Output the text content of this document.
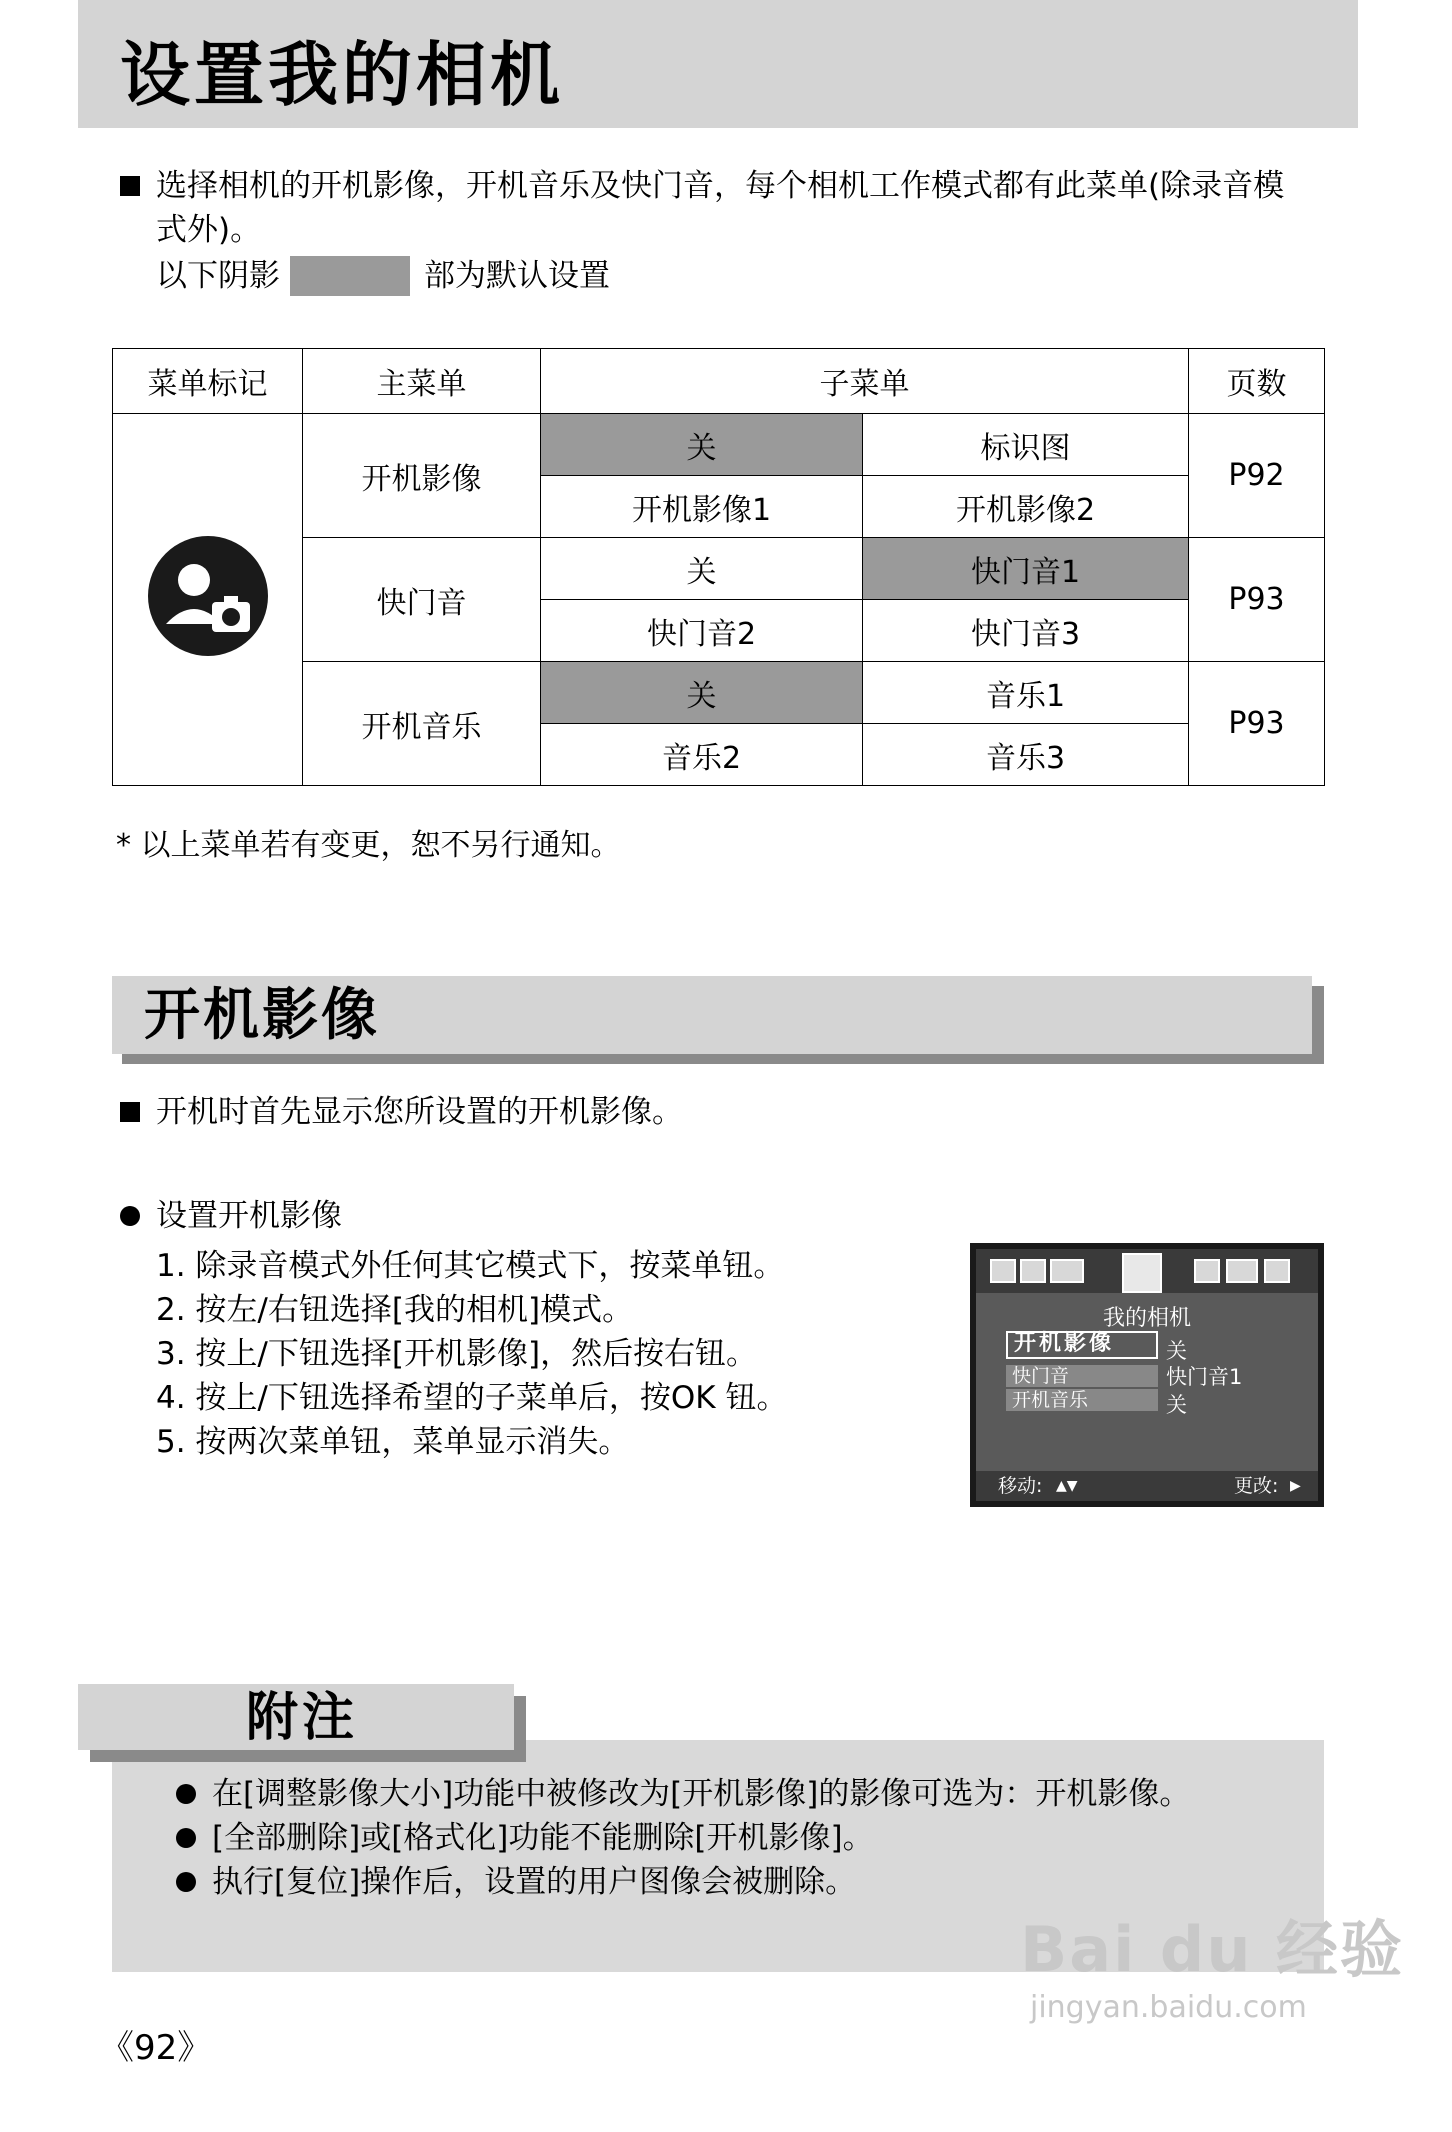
设置我的相机
选择相机的开机影像，开机音乐及快门音，每个相机工作模式都有此菜单(除录音模
式外)。
以下阴影	部为默认设置
菜单标记	主菜单	子菜单		页数
	开机影像	关	标识图	P92
		开机影像1	开机影像2	
	快门音	关	快门音1	P93
		快门音2	快门音3	
	开机音乐	关	音乐1	P93
		音乐2	音乐3	
* 以上菜单若有变更，恕不另行通知。
开机影像
开机时首先显示您所设置的开机影像。
设置开机影像
1. 除录音模式外任何其它模式下，按菜单钮。
2. 按左/右钮选择[我的相机]模式。
3. 按上/下钮选择[开机影像]，然后按右钮。
4. 按上/下钮选择希望的子菜单后，按OK 钮。
5. 按两次菜单钮，菜单显示消失。
我的相机
开机影像
快门音
开机音乐
关
快门音1
关
移动: ▲▼	更改: ▶
附注
在[调整影像大小]功能中被修改为[开机影像]的影像可选为：开机影像。
[全部删除]或[格式化]功能不能删除[开机影像]。
执行[复位]操作后，设置的用户图像会被删除。
Bai du 经验
jingyan.baidu.com
《92》
